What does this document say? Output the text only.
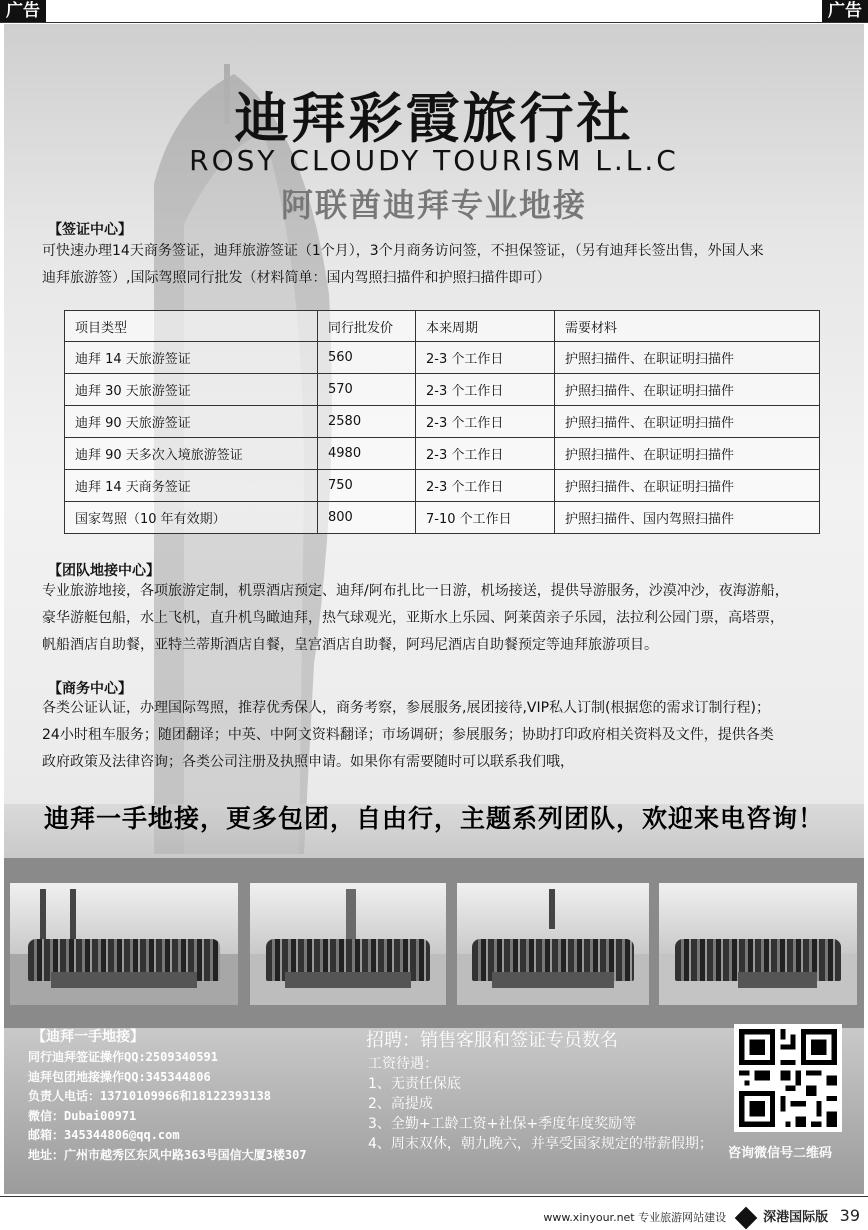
广告	广告
迪拜彩霞旅行社
ROSY CLOUDY TOURISM L.L.C
阿联酋迪拜专业地接
【签证中心】
可快速办理14天商务签证，迪拜旅游签证（1个月），3个月商务访问签，不担保签证，（另有迪拜长签出售，外国人来
迪拜旅游签）,国际驾照同行批发（材料简单：国内驾照扫描件和护照扫描件即可）
项目类型	同行批发价	本来周期	需要材料
迪拜 14 天旅游签证	560	2-3 个工作日	护照扫描件、在职证明扫描件
迪拜 30 天旅游签证	570	2-3 个工作日	护照扫描件、在职证明扫描件
迪拜 90 天旅游签证	2580	2-3 个工作日	护照扫描件、在职证明扫描件
迪拜 90 天多次入境旅游签证	4980	2-3 个工作日	护照扫描件、在职证明扫描件
迪拜 14 天商务签证	750	2-3 个工作日	护照扫描件、在职证明扫描件
国家驾照（10 年有效期）	800	7-10 个工作日	护照扫描件、国内驾照扫描件
【团队地接中心】
专业旅游地接，各项旅游定制，机票酒店预定、迪拜/阿布扎比一日游，机场接送，提供导游服务，沙漠冲沙，夜海游船，
豪华游艇包船，水上飞机，直升机鸟瞰迪拜，热气球观光，亚斯水上乐园、阿莱茵亲子乐园，法拉利公园门票，高塔票，
帆船酒店自助餐，亚特兰蒂斯酒店自餐，皇宫酒店自助餐，阿玛尼酒店自助餐预定等迪拜旅游项目。
【商务中心】
各类公证认证，办理国际驾照，推荐优秀保人，商务考察，参展服务,展团接待,VIP私人订制(根据您的需求订制行程)；
24小时租车服务；随团翻译；中英、中阿文资料翻译；市场调研；参展服务；协助打印政府相关资料及文件，提供各类
政府政策及法律咨询；各类公司注册及执照申请。如果你有需要随时可以联系我们哦，
迪拜一手地接，更多包团，自由行，主题系列团队，欢迎来电咨询！
【迪拜一手地接】
同行迪拜签证操作QQ:2509340591
迪拜包团地接操作QQ:345344806
负责人电话：13710109966和18122393138
微信：Dubai00971
邮箱：345344806@qq.com
地址：广州市越秀区东风中路363号国信大厦3楼307
招聘：销售客服和签证专员数名
工资待遇：
1、无责任保底
2、高提成
3、全勤+工龄工资+社保+季度年度奖励等
4、周末双休，朝九晚六，并享受国家规定的带薪假期；
咨询微信号二维码
www.xinyour.net 专业旅游网站建设	深港国际版 39
